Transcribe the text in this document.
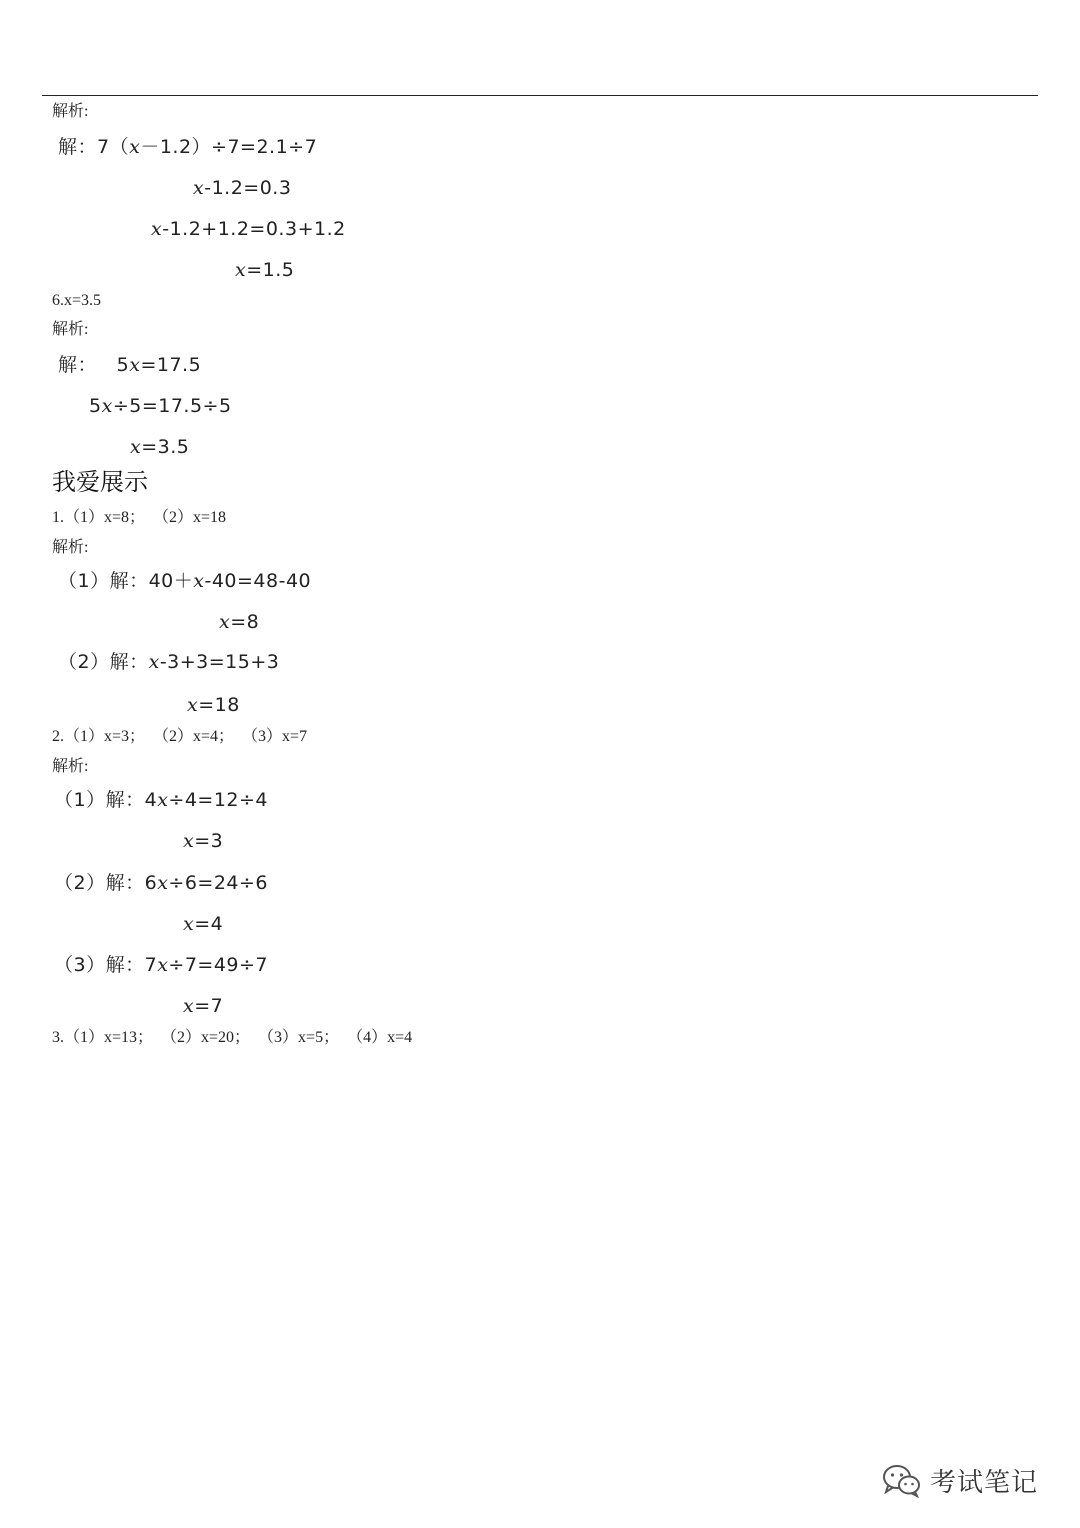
解析:
解：7（x－1.2）÷7=2.1÷7
x-1.2=0.3
x-1.2+1.2=0.3+1.2
x=1.5
6.x=3.5
解析:
解：   5x=17.5
5x÷5=17.5÷5
x=3.5
我爱展示
1.（1）x=8；  （2）x=18
解析:
（1）解：40＋x-40=48-40
x=8
（2）解：x-3+3=15+3
x=18
2.（1）x=3；  （2）x=4；  （3）x=7
解析:
（1）解：4x÷4=12÷4
x=3
（2）解：6x÷6=24÷6
x=4
（3）解：7x÷7=49÷7
x=7
3.（1）x=13；  （2）x=20；  （3）x=5；  （4）x=4
考试笔记
